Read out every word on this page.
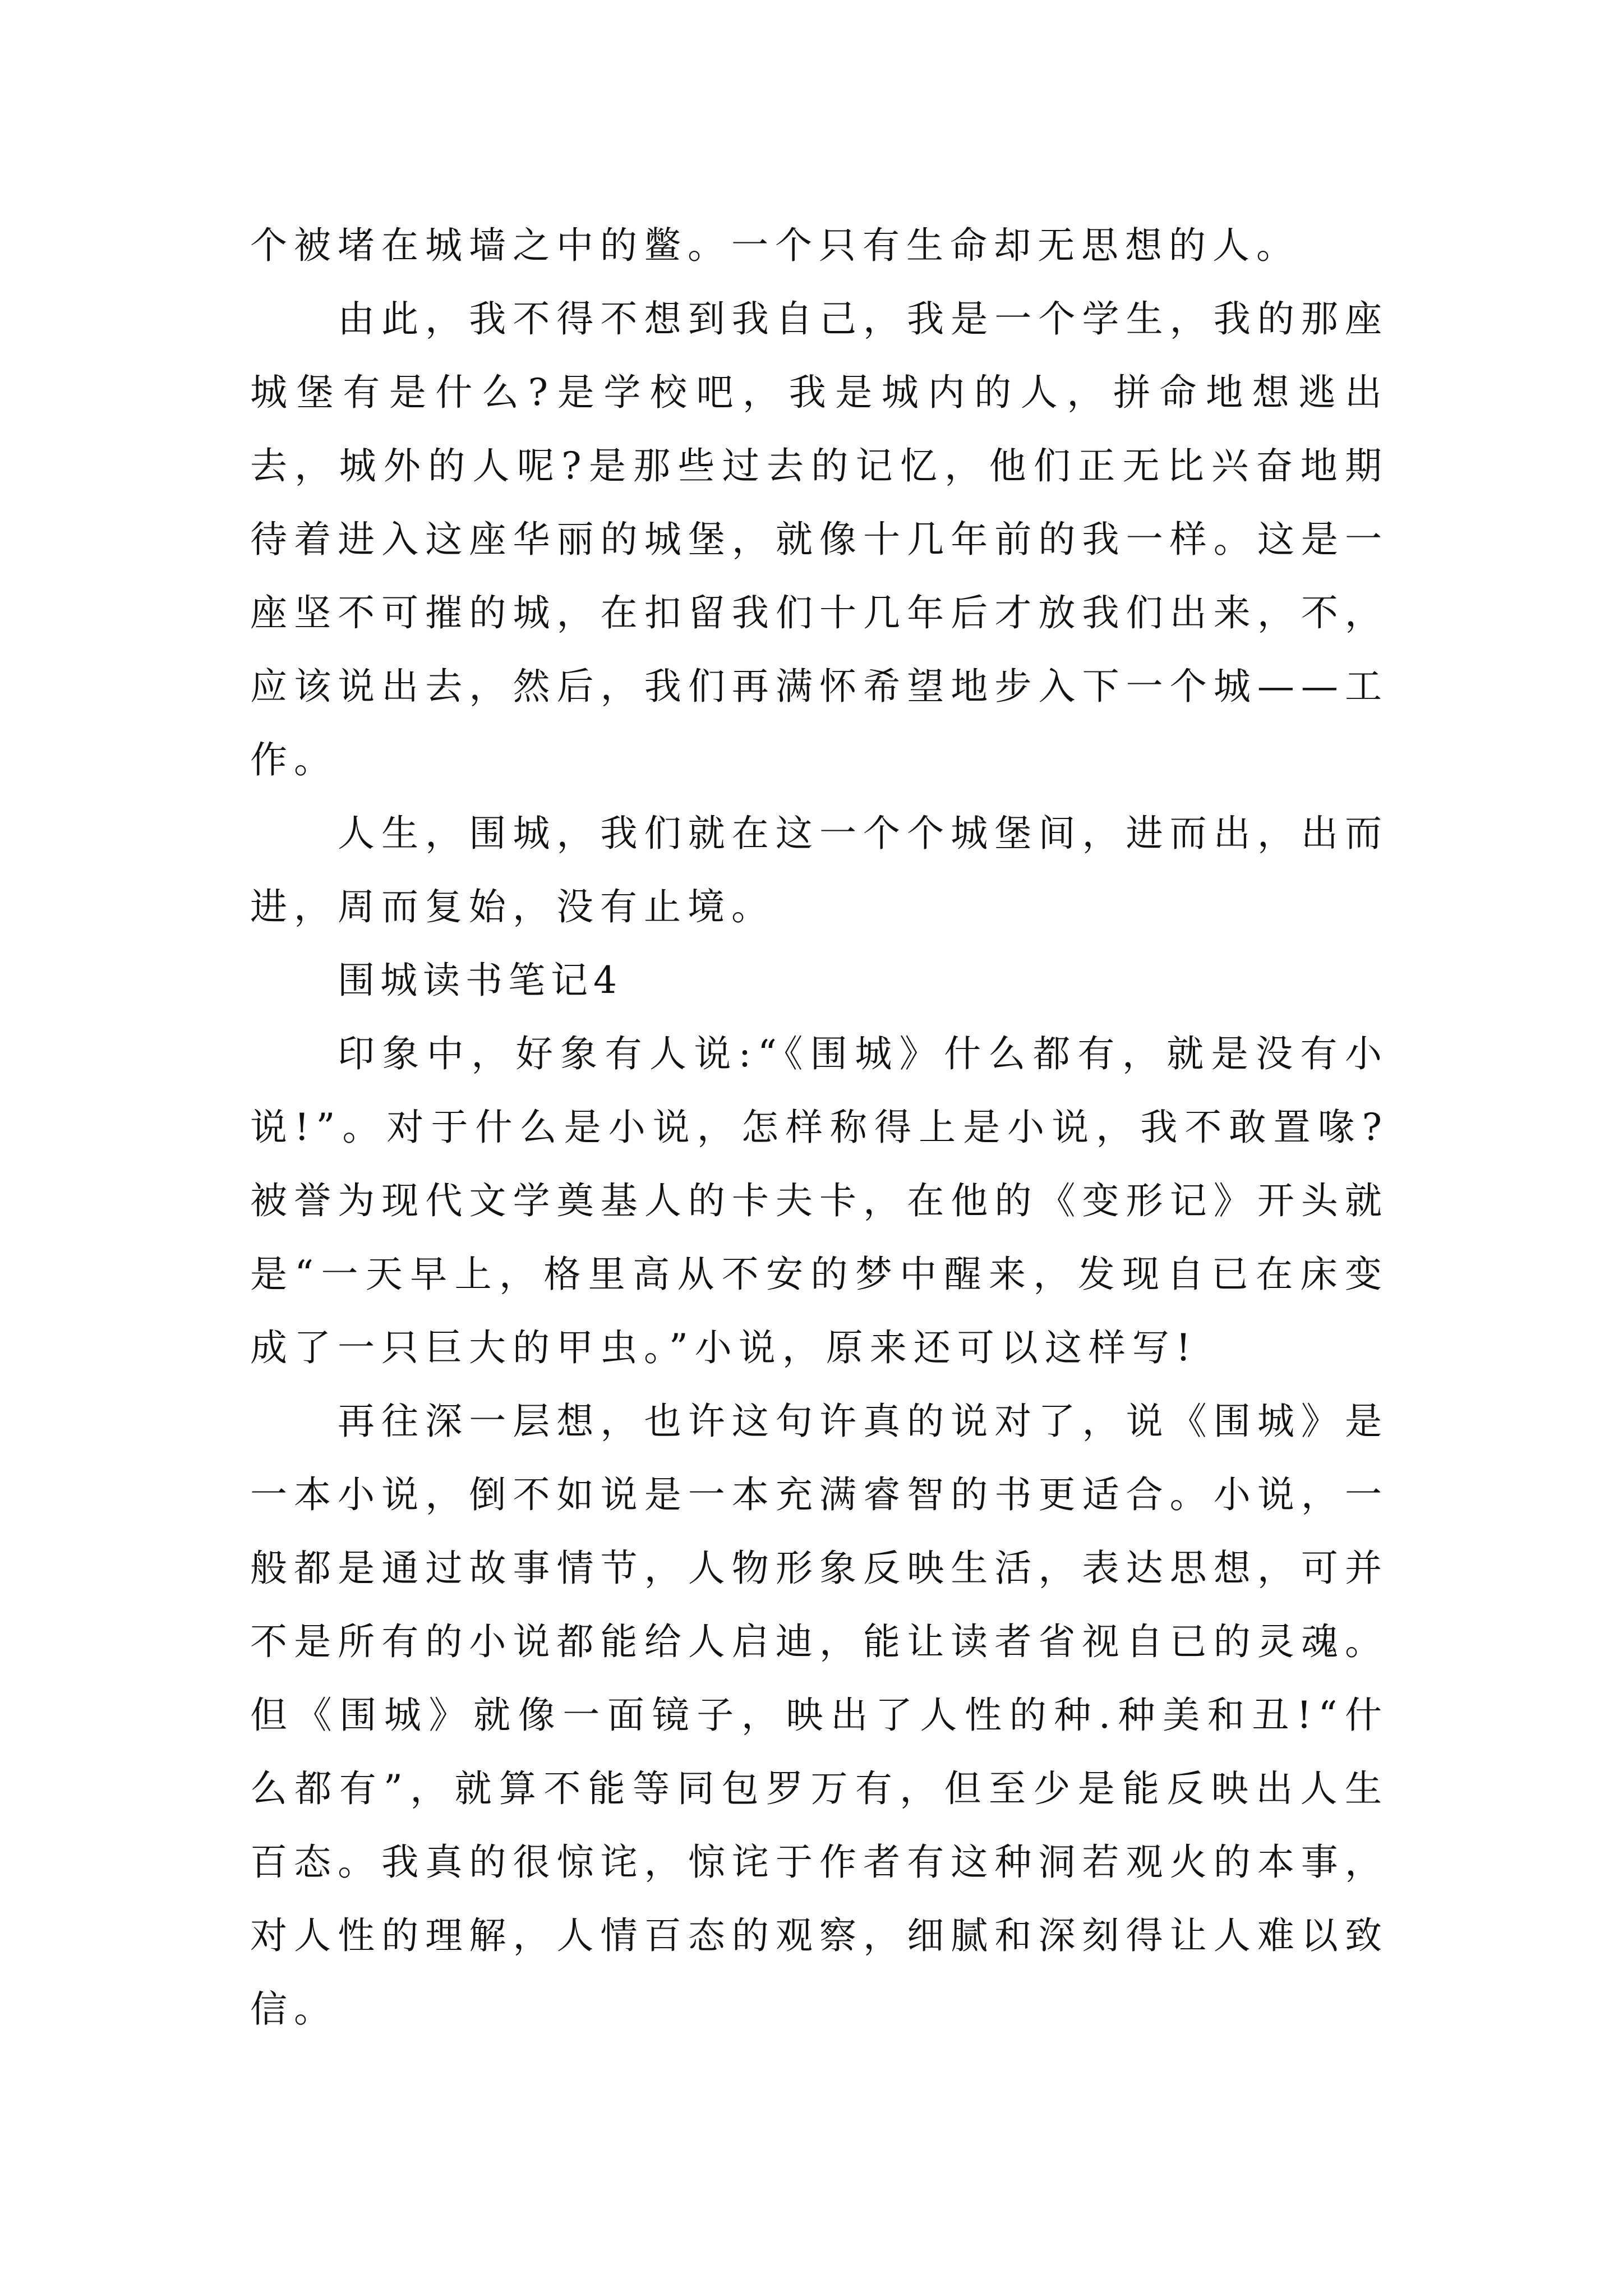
个被堵在城墙之中的鳖。一个只有生命却无思想的人。

由此，我不得不想到我自己，我是一个学生，我的那座城堡有是什么?是学校吧，我是城内的人，拼命地想逃出去，城外的人呢?是那些过去的记忆，他们正无比兴奋地期待着进入这座华丽的城堡，就像十几年前的我一样。这是一座坚不可摧的城，在扣留我们十几年后才放我们出来，不，应该说出去，然后，我们再满怀希望地步入下一个城——工作。

人生，围城，我们就在这一个个城堡间，进而出，出而进，周而复始，没有止境。

围城读书笔记4

印象中，好象有人说:“《围城》什么都有，就是没有小说!”。对于什么是小说，怎样称得上是小说，我不敢置喙?被誉为现代文学奠基人的卡夫卡，在他的《变形记》开头就是“一天早上，格里高从不安的梦中醒来，发现自已在床变成了一只巨大的甲虫。”小说，原来还可以这样写!

再往深一层想，也许这句许真的说对了，说《围城》是一本小说，倒不如说是一本充满睿智的书更适合。小说，一般都是通过故事情节，人物形象反映生活，表达思想，可并不是所有的小说都能给人启迪，能让读者省视自已的灵魂。但《围城》就像一面镜子，映出了人性的种.种美和丑!“什么都有”，就算不能等同包罗万有，但至少是能反映出人生百态。我真的很惊诧，惊诧于作者有这种洞若观火的本事，对人性的理解，人情百态的观察，细腻和深刻得让人难以致信。
